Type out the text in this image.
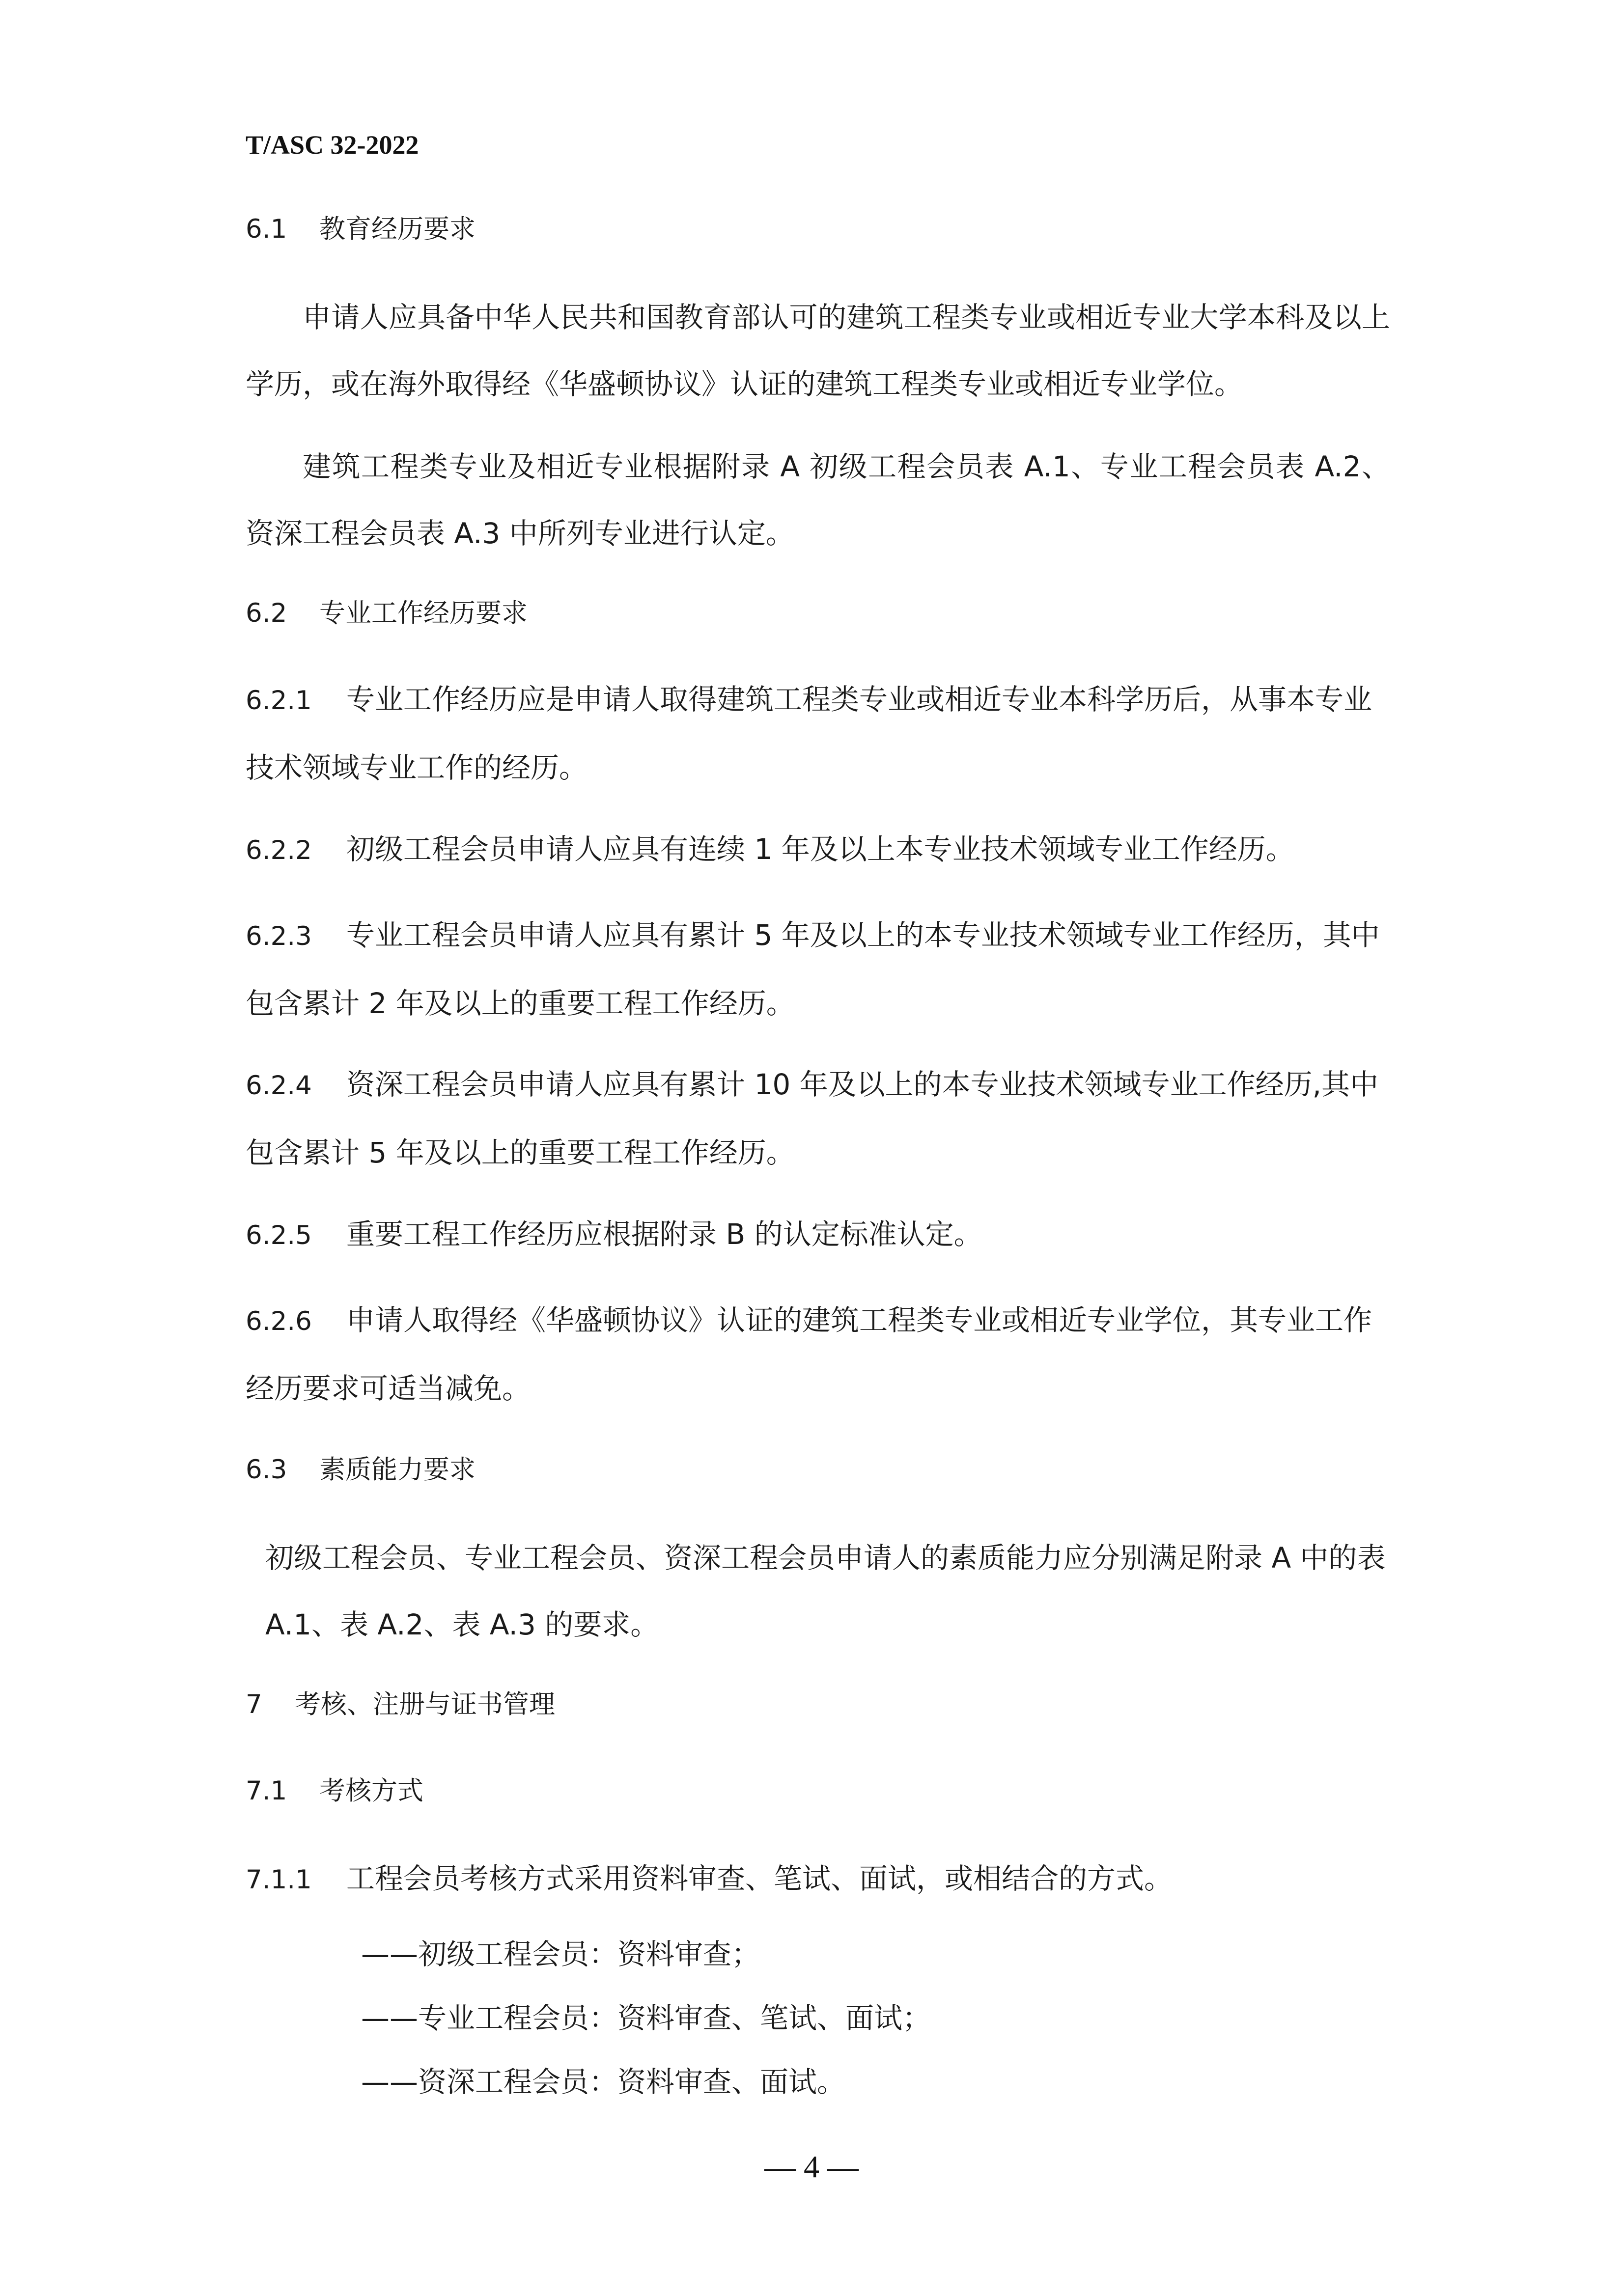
T/ASC 32-2022
6.1 教育经历要求
申请人应具备中华人民共和国教育部认可的建筑工程类专业或相近专业大学本科及以上学历，或在海外取得经《华盛顿协议》认证的建筑工程类专业或相近专业学位。
建筑工程类专业及相近专业根据附录 A 初级工程会员表 A.1、专业工程会员表 A.2、资深工程会员表 A.3 中所列专业进行认定。
6.2 专业工作经历要求
6.2.1 专业工作经历应是申请人取得建筑工程类专业或相近专业本科学历后，从事本专业技术领域专业工作的经历。
6.2.2 初级工程会员申请人应具有连续 1 年及以上本专业技术领域专业工作经历。
6.2.3 专业工程会员申请人应具有累计 5 年及以上的本专业技术领域专业工作经历，其中包含累计 2 年及以上的重要工程工作经历。
6.2.4 资深工程会员申请人应具有累计 10 年及以上的本专业技术领域专业工作经历,其中包含累计 5 年及以上的重要工程工作经历。
6.2.5 重要工程工作经历应根据附录 B 的认定标准认定。
6.2.6 申请人取得经《华盛顿协议》认证的建筑工程类专业或相近专业学位，其专业工作经历要求可适当减免。
6.3 素质能力要求
初级工程会员、专业工程会员、资深工程会员申请人的素质能力应分别满足附录 A 中的表 A.1、表 A.2、表 A.3 的要求。
7 考核、注册与证书管理
7.1 考核方式
7.1.1 工程会员考核方式采用资料审查、笔试、面试，或相结合的方式。
——初级工程会员：资料审查；
——专业工程会员：资料审查、笔试、面试；
——资深工程会员：资料审查、面试。
— 4 —
